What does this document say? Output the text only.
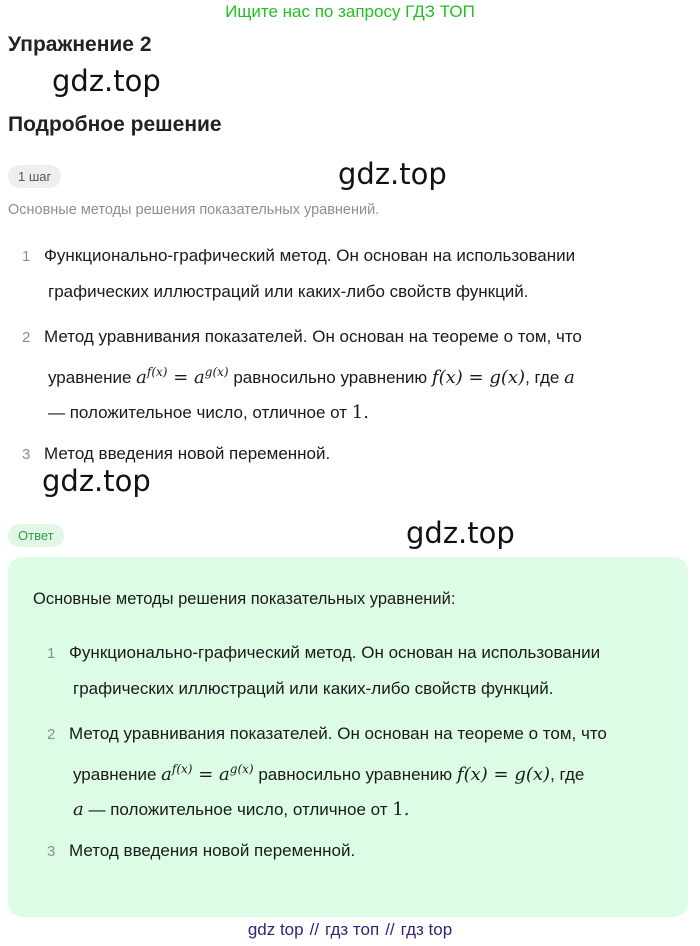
Ищите нас по запросу ГДЗ ТОП
Упражнение 2
gdz.top
Подробное решение
1 шаг	gdz.top
Основные методы решения показательных уравнений.
1 Функционально-графический метод. Он основан на использовании
графических иллюстраций или каких-либо свойств функций.
2 Метод уравнивания показателей. Он основан на теореме о том, что
уравнение $a^{f(x)} = a^{g(x)}$ равносильно уравнению f(x) = g(x), где a
— положительное число, отличное от 1.
3 Метод введения новой переменной.
gdz.top
Ответ	gdz.top
Основные методы решения показательных уравнений:
1 Функционально-графический метод. Он основан на использовании
графических иллюстраций или каких-либо свойств функций.
2 Метод уравнивания показателей. Он основан на теореме о том, что
уравнение $a^{f(x)} = a^{g(x)}$ равносильно уравнению f(x) = g(x), где
a — положительное число, отличное от 1.
3 Метод введения новой переменной.
gdz top // гдз топ // гдз top
